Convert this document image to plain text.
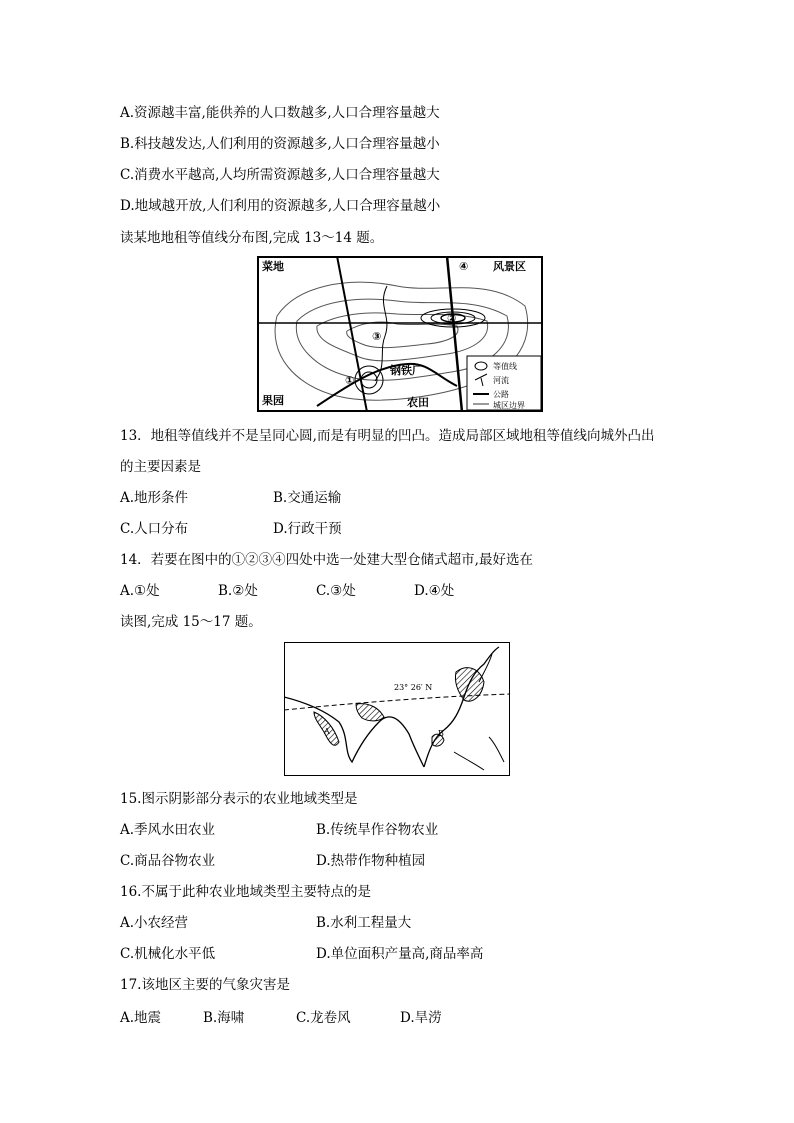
A.资源越丰富,能供养的人口数越多,人口合理容量越大
B.科技越发达,人们利用的资源越多,人口合理容量越小
C.消费水平越高,人均所需资源越多,人口合理容量越大
D.地域越开放,人们利用的资源越多,人口合理容量越小
读某地地租等值线分布图,完成 13～14 题。
等值线
河流
公路
城区边界
菜地	风景区
果园	农田
钢铁厂
①
②
③
④
13．地租等值线并不是呈同心圆,而是有明显的凹凸。造成局部区域地租等值线向城外凸出
的主要因素是
A.地形条件	B.交通运输
C.人口分布	D.行政干预
14．若要在图中的①②③④四处中选一处建大型仓储式超市,最好选在
A.①处	B.②处	C.③处	D.④处
读图,完成 15～17 题。
23° 26′ N
A	B
15.图示阴影部分表示的农业地域类型是
A.季风水田农业	B.传统旱作谷物农业
C.商品谷物农业	D.热带作物种植园
16.不属于此种农业地域类型主要特点的是
A.小农经营	B.水利工程量大
C.机械化水平低	D.单位面积产量高,商品率高
17.该地区主要的气象灾害是
A.地震	B.海啸	C.龙卷风	D.旱涝
